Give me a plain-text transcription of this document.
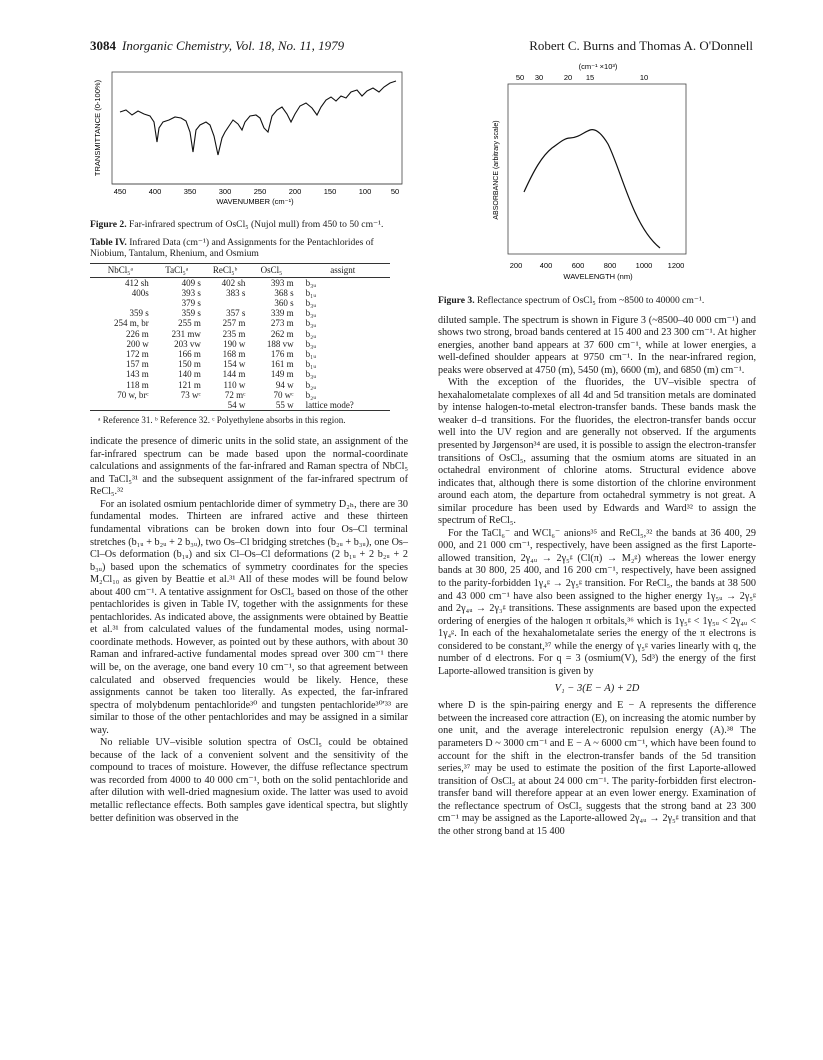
3084 Inorganic Chemistry, Vol. 18, No. 11, 1979	Robert C. Burns and Thomas A. O'Donnell
TRANSMITTANCE (0-100%)
450	400	350	300	250	200	150	100	50
WAVENUMBER (cm⁻¹)
Figure 2. Far-infrared spectrum of OsCl₅ (Nujol mull) from 450 to 50 cm⁻¹.
Table IV. Infrared Data (cm⁻¹) and Assignments for the Pentachlorides of Niobium, Tantalum, Rhenium, and Osmium
NbCl₅ᵃ	TaCl₅ᵃ	ReCl₅ᵇ	OsCl₅	assignt
412 sh	409 s	402 sh	393 m	b₃ᵤ
400s	393 s	383 s	368 s	b₁ᵤ
	379 s		360 s	b₃ᵤ
359 s	359 s	357 s	339 m	b₃ᵤ
254 m, br	255 m	257 m	273 m	b₃ᵤ
226 m	231 mw	235 m	262 m	b₂ᵤ
200 w	203 vw	190 w	188 vw	b₃ᵤ
172 m	166 m	168 m	176 m	b₁ᵤ
157 m	150 m	154 w	161 m	b₁ᵤ
143 m	140 m	144 m	149 m	b₃ᵤ
118 m	121 m	110 w	94 w	b₂ᵤ
70 w, brᶜ	73 wᶜ	72 mᶜ	70 wᶜ	b₂ᵤ
		54 w	55 w	lattice mode?
ᵃ Reference 31. ᵇ Reference 32. ᶜ Polyethylene absorbs in this region.

indicate the presence of dimeric units in the solid state, an assignment of the far-infrared spectrum can be made based upon the normal-coordinate calculations and assignments of the far-infrared and Raman spectra of NbCl₅ and TaCl₅³¹ and the subsequent assignment of the far-infrared spectrum of ReCl₅.³²

For an isolated osmium pentachloride dimer of symmetry D₂ₕ, there are 30 fundamental modes. Thirteen are infrared active and these thirteen fundamental vibrations can be broken down into four Os–Cl terminal stretches (b₁ᵤ + b₂ᵤ + 2 b₃ᵤ), two Os–Cl bridging stretches (b₂ᵤ + b₃ᵤ), one Os–Cl–Os deformation (b₁ᵤ) and six Cl–Os–Cl deformations (2 b₁ᵤ + 2 b₂ᵤ + 2 b₃ᵤ) based upon the schematics of symmetry coordinates for the species M₂Cl₁₀ as given by Beattie et al.³¹ All of these modes will be found below about 400 cm⁻¹. A tentative assignment for OsCl₅ based on those of the other pentachlorides is given in Table IV, together with the assignments for these pentachlorides. As indicated above, the assignments were obtained by Beattie et al.³¹ from calculated values of the fundamental modes, using normal-coordinate methods. However, as pointed out by these authors, with about 30 Raman and infrared-active fundamental modes spread over 300 cm⁻¹ there will be, on the average, one band every 10 cm⁻¹, so that agreement between calculated and observed frequencies would be likely. Hence, these assignments cannot be taken too literally. As expected, the far-infrared spectra of molybdenum pentachloride³⁰ and tungsten pentachloride³⁰ʹ³³ are similar to those of the other pentachlorides and may be assigned in a similar way.

No reliable UV–visible solution spectra of OsCl₅ could be obtained because of the lack of a convenient solvent and the sensitivity of the compound to traces of moisture. However, the diffuse reflectance spectrum was recorded from 4000 to 40 000 cm⁻¹, both on the solid pentachloride and after dilution with well-dried magnesium oxide. The latter was used to avoid metallic reflectance effects. Both samples gave identical spectra, but slightly better definition was observed in the

(cm⁻¹ ×10³)
50 30	20 15	10
ABSORBANCE (arbitrary scale)
200 400	600	800	1000 1200
WAVELENGTH (nm)
Figure 3. Reflectance spectrum of OsCl₅ from ~8500 to 40000 cm⁻¹.

diluted sample. The spectrum is shown in Figure 3 (~8500–40 000 cm⁻¹) and shows two strong, broad bands centered at 15 400 and 23 300 cm⁻¹. At higher energies, another band appears at 37 600 cm⁻¹, while at lower energies, a well-defined shoulder appears at 9750 cm⁻¹. In the near-infrared region, peaks were observed at 4750 (m), 5450 (m), 6600 (m), and 6850 (m) cm⁻¹.

With the exception of the fluorides, the UV–visible spectra of hexahalometalate complexes of all 4d and 5d transition metals are dominated by intense halogen-to-metal electron-transfer bands. These bands mask the weaker d–d transitions. For the fluorides, the electron-transfer bands occur well into the UV region and are generally not observed. If the arguments presented by Jørgenson³⁴ are used, it is possible to assign the electron-transfer transitions of OsCl₅, assuming that the osmium atoms are situated in an octahedral environment of chlorine atoms. Structural evidence above indicates that, although there is some distortion of the chlorine environment around each atom, the departure from octahedral symmetry is not great. A similar procedure has been used by Edwards and Ward³² to assign the spectrum of ReCl₅.

For the TaCl₆⁻ and WCl₆⁻ anions³⁵ and ReCl₅,³² the bands at 36 400, 29 000, and 21 000 cm⁻¹, respectively, have been assigned as the first Laporte-allowed transition, 2γ₄ᵤ → 2γ₅ᵍ (Cl(π) → M₂ᵍ) whereas the lower energy bands at 30 800, 25 400, and 16 200 cm⁻¹, respectively, have been assigned to the parity-forbidden 1γ₄ᵍ → 2γ₅ᵍ transition. For ReCl₅, the bands at 38 500 and 43 000 cm⁻¹ have also been assigned to the higher energy 1γ₅ᵤ → 2γ₅ᵍ and 2γ₄ᵤ → 2γ₃ᵍ transitions. These assignments are based upon the expected ordering of energies of the halogen π orbitals,³⁶ which is 1γ₅ᵍ < 1γ₅ᵤ < 2γ₄ᵤ < 1γ₄ᵍ. In each of the hexahalometalate series the energy of the π electrons is considered to be constant,³⁷ while the energy of γ₅ᵍ varies linearly with q, the number of d electrons. For q = 3 (osmium(V), 5d³) the energy of the first Laporte-allowed transition is given by

V₁ − 3(E − A) + 2D

where D is the spin-pairing energy and E − A represents the difference between the increased core attraction (E), on increasing the atomic number by one unit, and the average interelectronic repulsion energy (A).³⁸ The parameters D ~ 3000 cm⁻¹ and E − A ~ 6000 cm⁻¹, which have been found to account for the shift in the electron-transfer bands of the 5d transition series,³⁷ may be used to estimate the position of the first Laporte-allowed transition of OsCl₅ at about 24 000 cm⁻¹. The parity-forbidden first electron-transfer band will therefore appear at an even lower energy. Examination of the reflectance spectrum of OsCl₅ suggests that the strong band at 23 300 cm⁻¹ may be assigned as the Laporte-allowed 2γ₄ᵤ → 2γ₅ᵍ transition and that the other strong band at 15 400
